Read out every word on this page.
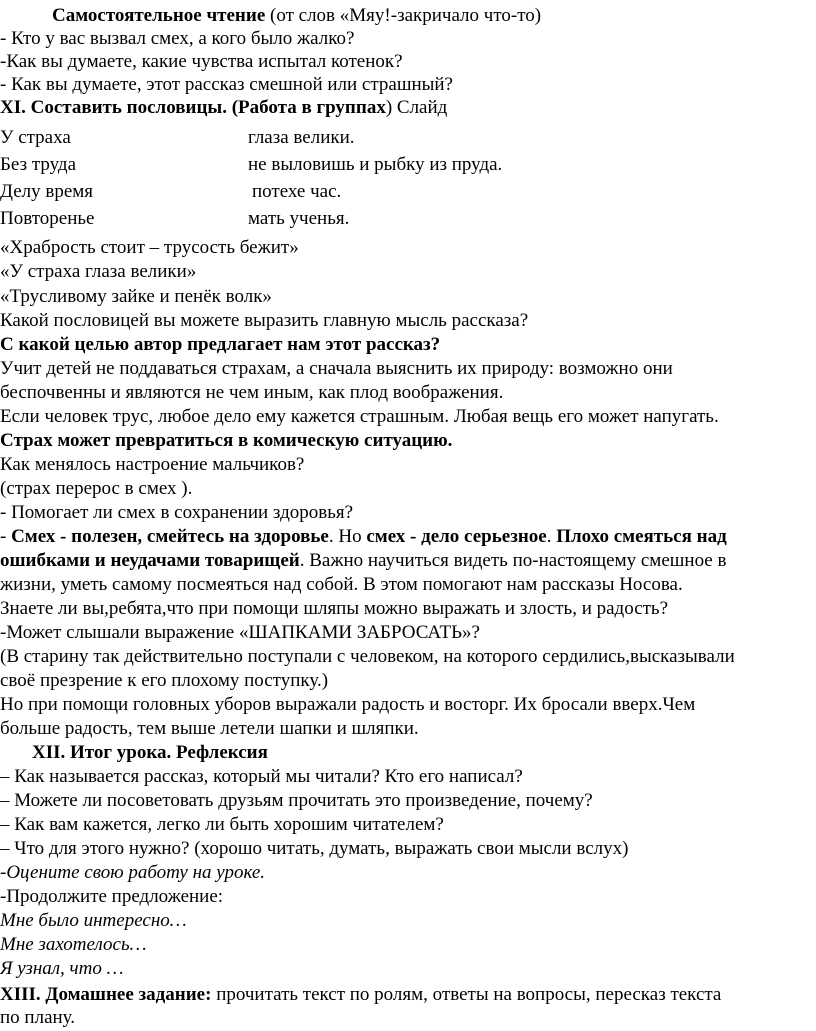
Самостоятельное чтение (от слов «Мяу!-закричало что-то)
- Кто у вас вызвал смех, а кого было жалко?
-Как вы думаете, какие чувства испытал котенок?
- Как вы думаете, этот рассказ смешной или страшный?
XI. Составить пословицы. (Работа в группах) Слайд
У страха	глаза велики.
Без труда	не выловишь и рыбку из пруда.
Делу время	потехе час.
Повторенье	мать ученья.
«Храбрость стоит – трусость бежит»
«У страха глаза велики»
«Трусливому зайке и пенёк волк»
Какой пословицей вы можете выразить главную мысль рассказа?
С какой целью автор предлагает нам этот рассказ?
Учит детей не поддаваться страхам, а сначала выяснить их природу: возможно они
беспочвенны и являются не чем иным, как плод воображения.
Если человек трус, любое дело ему кажется страшным. Любая вещь его может напугать.
Страх может превратиться в комическую ситуацию.
Как менялось настроение мальчиков?
(страх перерос в смех ).
- Помогает ли смех в сохранении здоровья?
- Смех - полезен, смейтесь на здоровье. Но смех - дело серьезное. Плохо смеяться над
ошибками и неудачами товарищей. Важно научиться видеть по-настоящему смешное в
жизни, уметь самому посмеяться над собой. В этом помогают нам рассказы Носова.
Знаете ли вы,ребята,что при помощи шляпы можно выражать и злость, и радость?
-Может слышали выражение «ШАПКАМИ ЗАБРОСАТЬ»?
(В старину так действительно поступали с человеком, на которого сердились,высказывали
своё презрение к его плохому поступку.)
Но при помощи головных уборов выражали радость и восторг. Их бросали вверх.Чем
больше радость, тем выше летели шапки и шляпки.
XII. Итог урока. Рефлексия
– Как называется рассказ, который мы читали? Кто его написал?
– Можете ли посоветовать друзьям прочитать это произведение, почему?
– Как вам кажется, легко ли быть хорошим читателем?
– Что для этого нужно? (хорошо читать, думать, выражать свои мысли вслух)
-Оцените свою работу на уроке.
-Продолжите предложение:
Мне было интересно…
Мне захотелось…
Я узнал, что …
XIII. Домашнее задание: прочитать текст по ролям, ответы на вопросы, пересказ текста
по плану.
